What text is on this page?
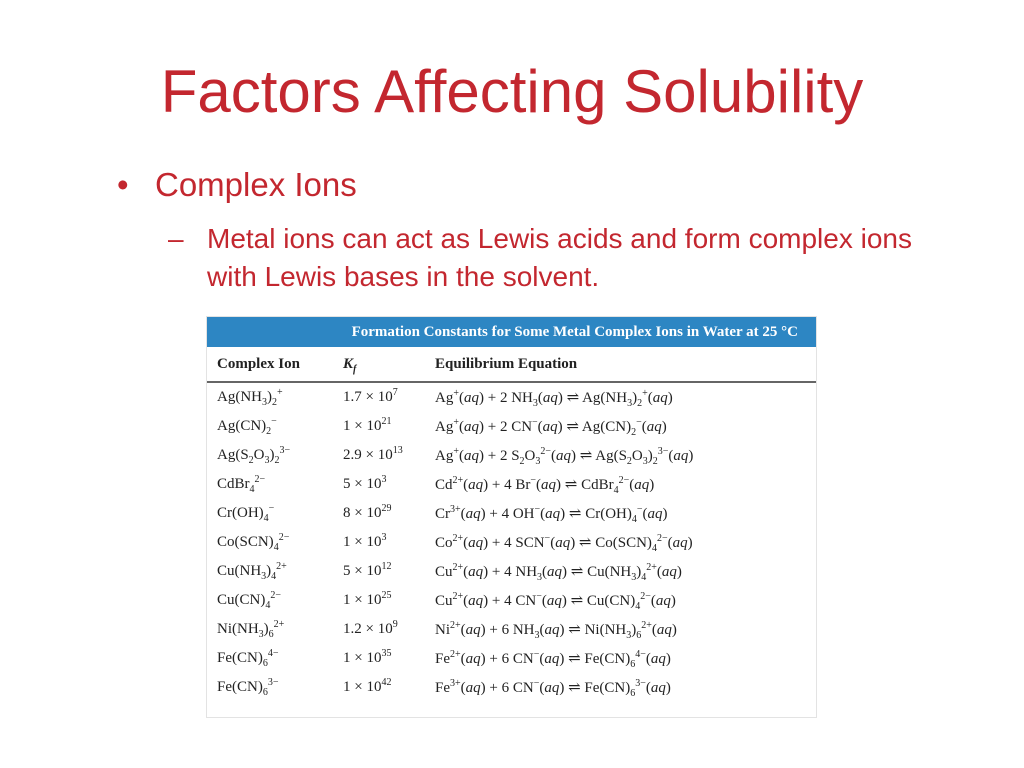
Factors Affecting Solubility
• Complex Ions
– Metal ions can act as Lewis acids and form complex ions with Lewis bases in the solvent.
Formation Constants for Some Metal Complex Ions in Water at 25 °C
Complex Ion	$K_f$	Equilibrium Equation
$Ag(NH_3)_2^+$	$1.7 \times 10^7$	Ag+(aq) + 2 $NH_3(aq)$ ⇌ $Ag(NH_3)_2^+(aq)$
$Ag(CN)_2^-$	$1 \times 10^{21}$	Ag+(aq) + 2 CN−(aq) ⇌ $Ag(CN)_2^-(aq)$
$Ag(S_2O_3)_2^{3-}$	$2.9 \times 10^{13}$	Ag+(aq) + 2 $S_2O_3^{2-}(aq)$ ⇌ $Ag(S_2O_3)_2^{3-}(aq)$
CdBr$_4^{2-}$	$5 \times 10^3$	$Cd^{2+}(aq) + 4$ Br−(aq) ⇌ CdBr$_4^{2-}$(aq)
$Cr(OH)_4^-$	$8 \times 10^{29}$	$Cr^{3+}(aq) + 4$ OH−(aq) ⇌ $Cr(OH)_4^-(aq)$
$Co(SCN)_4^{2-}$	$1 \times 10^3$	$Co^{2+}(aq) + 4$ SCN−(aq) ⇌ $Co(SCN)_4^{2-}(aq)$
$Cu(NH_3)_4^{2+}$	$5 \times 10^{12}$	$Cu^{2+}(aq) + 4$ $NH_3(aq)$ ⇌ $Cu(NH_3)_4^{2+}(aq)$
$Cu(CN)_4^{2-}$	$1 \times 10^{25}$	$Cu^{2+}(aq) + 4$ CN−(aq) ⇌ $Cu(CN)_4^{2-}(aq)$
$Ni(NH_3)_6^{2+}$	$1.2 \times 10^9$	$Ni^{2+}(aq) + 6$ $NH_3(aq)$ ⇌ $Ni(NH_3)_6^{2+}(aq)$
$Fe(CN)_6^{4-}$	$1 \times 10^{35}$	$Fe^{2+}(aq) + 6$ CN−(aq) ⇌ $Fe(CN)_6^{4-}(aq)$
$Fe(CN)_6^{3-}$	$1 \times 10^{42}$	$Fe^{3+}(aq) + 6$ CN−(aq) ⇌ $Fe(CN)_6^{3-}(aq)$
